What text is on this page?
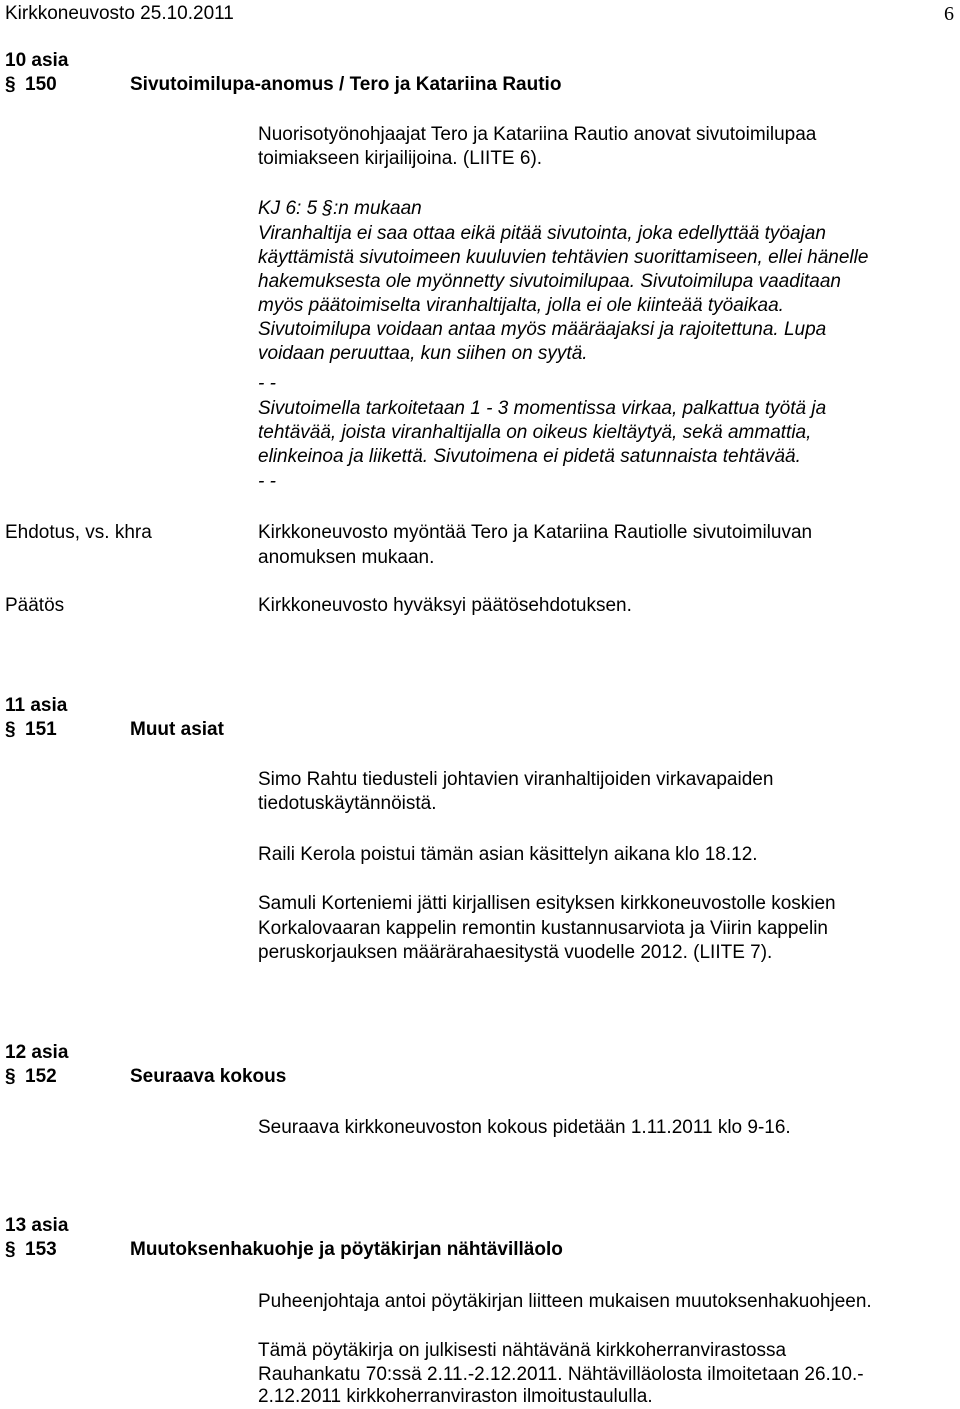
Kirkkoneuvosto 25.10.2011	6
10 asia
§ 150	Sivutoimilupa-anomus / Tero ja Katariina Rautio
Nuorisotyönohjaajat Tero ja Katariina Rautio anovat sivutoimilupaa
toimiakseen kirjailijoina. (LIITE 6).
KJ 6: 5 §:n mukaan
Viranhaltija ei saa ottaa eikä pitää sivutointa, joka edellyttää työajan
käyttämistä sivutoimeen kuuluvien tehtävien suorittamiseen, ellei hänelle
hakemuksesta ole myönnetty sivutoimilupaa. Sivutoimilupa vaaditaan
myös päätoimiselta viranhaltijalta, jolla ei ole kiinteää työaikaa.
Sivutoimilupa voidaan antaa myös määräajaksi ja rajoitettuna. Lupa
voidaan peruuttaa, kun siihen on syytä.
- -
Sivutoimella tarkoitetaan 1 - 3 momentissa virkaa, palkattua työtä ja
tehtävää, joista viranhaltijalla on oikeus kieltäytyä, sekä ammattia,
elinkeinoa ja liikettä. Sivutoimena ei pidetä satunnaista tehtävää.
- -
Ehdotus, vs. khra	Kirkkoneuvosto myöntää Tero ja Katariina Rautiolle sivutoimiluvan
anomuksen mukaan.
Päätös	Kirkkoneuvosto hyväksyi päätösehdotuksen.
11 asia
§ 151	Muut asiat
Simo Rahtu tiedusteli johtavien viranhaltijoiden virkavapaiden
tiedotuskäytännöistä.
Raili Kerola poistui tämän asian käsittelyn aikana klo 18.12.
Samuli Korteniemi jätti kirjallisen esityksen kirkkoneuvostolle koskien
Korkalovaaran kappelin remontin kustannusarviota ja Viirin kappelin
peruskorjauksen määrärahaesitystä vuodelle 2012. (LIITE 7).
12 asia
§ 152	Seuraava kokous
Seuraava kirkkoneuvoston kokous pidetään 1.11.2011 klo 9-16.
13 asia
§ 153	Muutoksenhakuohje ja pöytäkirjan nähtävilläolo
Puheenjohtaja antoi pöytäkirjan liitteen mukaisen muutoksenhakuohjeen.
Tämä pöytäkirja on julkisesti nähtävänä kirkkoherranvirastossa
Rauhankatu 70:ssä 2.11.-2.12.2011. Nähtävilläolosta ilmoitetaan 26.10.-
2.12.2011 kirkkoherranviraston ilmoitustaululla.
